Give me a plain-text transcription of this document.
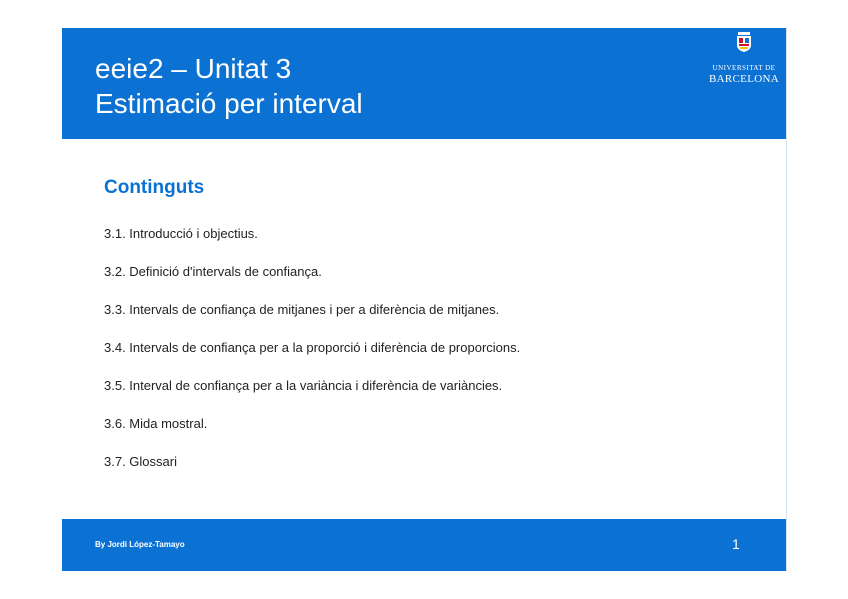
eeie2 – Unitat 3
Estimació per interval
UNIVERSITAT DE
BARCELONA
Continguts
3.1. Introducció i objectius.
3.2. Definició d'intervals de confiança.
3.3. Intervals de confiança de mitjanes i per a diferència de mitjanes.
3.4. Intervals de confiança per a la proporció i diferència de proporcions.
3.5. Interval de confiança per a la variància i diferència de variàncies.
3.6. Mida mostral.
3.7. Glossari
By Jordi López-Tamayo	1
